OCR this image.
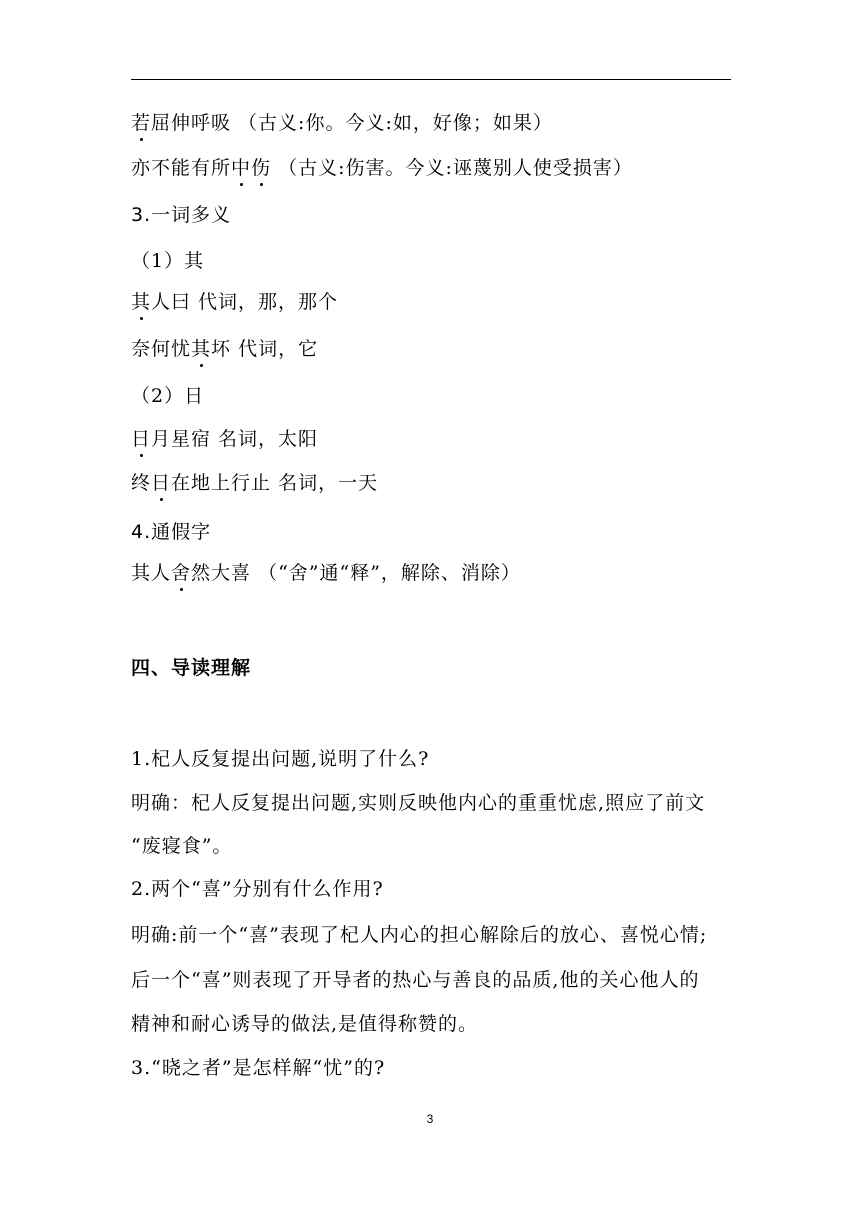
若屈伸呼吸 （古义:你。今义:如，好像；如果）
亦不能有所中伤 （古义:伤害。今义:诬蔑别人使受损害）
3.一词多义
（1）其
其人曰 代词，那，那个
奈何忧其坏 代词，它
（2）日
日月星宿 名词，太阳
终日在地上行止 名词，一天
4.通假字
其人舍然大喜 （“舍”通“释”，解除、消除）
四、导读理解
1.杞人反复提出问题,说明了什么?
明确：杞人反复提出问题,实则反映他内心的重重忧虑,照应了前文
“废寝食”。
2.两个“喜”分别有什么作用?
明确:前一个“喜”表现了杞人内心的担心解除后的放心、喜悦心情;
后一个“喜”则表现了开导者的热心与善良的品质,他的关心他人的
精神和耐心诱导的做法,是值得称赞的。
3.“晓之者”是怎样解“忧”的?
3
